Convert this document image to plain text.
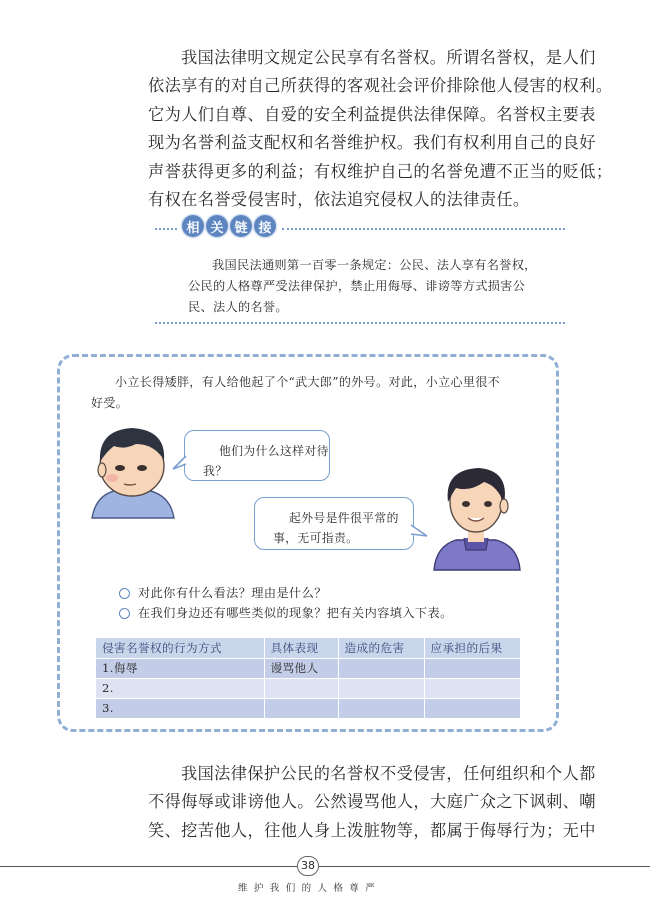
我国法律明文规定公民享有名誉权。所谓名誉权，是人们
依法享有的对自己所获得的客观社会评价排除他人侵害的权利。
它为人们自尊、自爱的安全利益提供法律保障。名誉权主要表
现为名誉利益支配权和名誉维护权。我们有权利用自己的良好
声誉获得更多的利益；有权维护自己的名誉免遭不正当的贬低；
有权在名誉受侵害时，依法追究侵权人的法律责任。
相 关 链 接
我国民法通则第一百零一条规定：公民、法人享有名誉权，
公民的人格尊严受法律保护，禁止用侮辱、诽谤等方式损害公
民、法人的名誉。
小立长得矮胖，有人给他起了个“武大郎”的外号。对此，小立心里很不
好受。
他们为什么这样对待
我？
起外号是件很平常的
事，无可指责。
对此你有什么看法？理由是什么？
在我们身边还有哪些类似的现象？把有关内容填入下表。
侵害名誉权的行为方式	具体表现	造成的危害	应承担的后果
1.侮辱	谩骂他人		
2.			
3.			
我国法律保护公民的名誉权不受侵害，任何组织和个人都
不得侮辱或诽谤他人。公然谩骂他人，大庭广众之下讽刺、嘲
笑、挖苦他人，往他人身上泼脏物等，都属于侮辱行为；无中
38
维护我们的人格尊严
